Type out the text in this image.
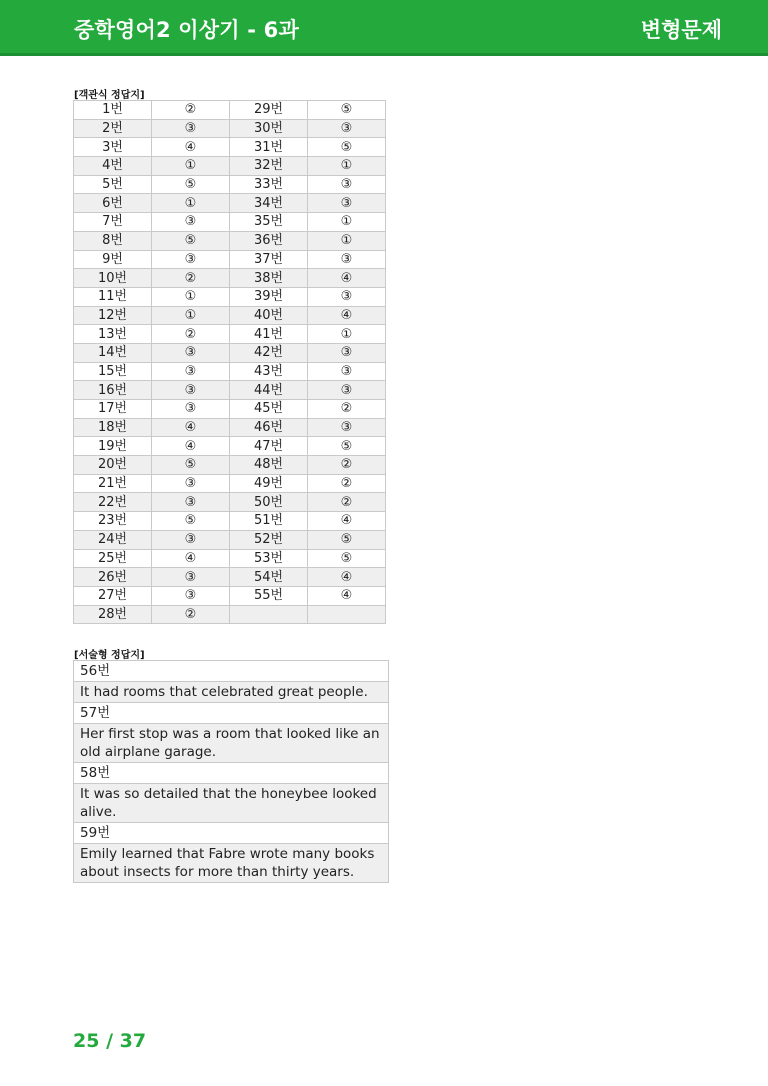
중학영어2 이상기 - 6과	변형문제
[객관식 정답지]
1번	②	29번	⑤
2번	③	30번	③
3번	④	31번	⑤
4번	①	32번	①
5번	⑤	33번	③
6번	①	34번	③
7번	③	35번	①
8번	⑤	36번	①
9번	③	37번	③
10번	②	38번	④
11번	①	39번	③
12번	①	40번	④
13번	②	41번	①
14번	③	42번	③
15번	③	43번	③
16번	③	44번	③
17번	③	45번	②
18번	④	46번	③
19번	④	47번	⑤
20번	⑤	48번	②
21번	③	49번	②
22번	③	50번	②
23번	⑤	51번	④
24번	③	52번	⑤
25번	④	53번	⑤
26번	③	54번	④
27번	③	55번	④
28번	②		
[서술형 정답지]
56번
It had rooms that celebrated great people.
57번
Her first stop was a room that looked like an old airplane garage.
58번
It was so detailed that the honeybee looked alive.
59번
Emily learned that Fabre wrote many books about insects for more than thirty years.
25 / 37
